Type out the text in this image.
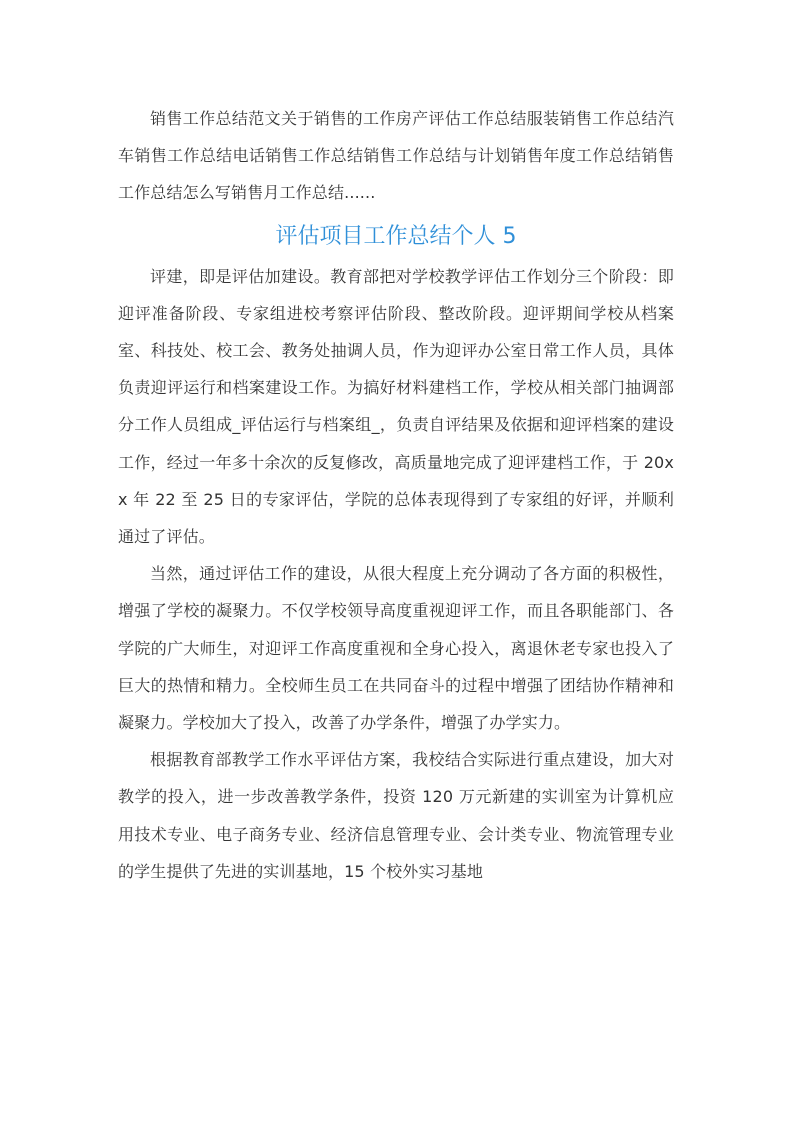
销售工作总结范文关于销售的工作房产评估工作总结服装销售工作总结汽车销售工作总结电话销售工作总结销售工作总结与计划销售年度工作总结销售工作总结怎么写销售月工作总结......

评估项目工作总结个人 5

评建，即是评估加建设。教育部把对学校教学评估工作划分三个阶段：即迎评准备阶段、专家组进校考察评估阶段、整改阶段。迎评期间学校从档案室、科技处、校工会、教务处抽调人员，作为迎评办公室日常工作人员，具体负责迎评运行和档案建设工作。为搞好材料建档工作，学校从相关部门抽调部分工作人员组成_评估运行与档案组_，负责自评结果及依据和迎评档案的建设工作，经过一年多十余次的反复修改，高质量地完成了迎评建档工作，于 20xx 年 22 至 25 日的专家评估，学院的总体表现得到了专家组的好评，并顺利通过了评估。

当然，通过评估工作的建设，从很大程度上充分调动了各方面的积极性，增强了学校的凝聚力。不仅学校领导高度重视迎评工作，而且各职能部门、各学院的广大师生，对迎评工作高度重视和全身心投入，离退休老专家也投入了巨大的热情和精力。全校师生员工在共同奋斗的过程中增强了团结协作精神和凝聚力。学校加大了投入，改善了办学条件，增强了办学实力。

根据教育部教学工作水平评估方案，我校结合实际进行重点建设，加大对教学的投入，进一步改善教学条件，投资 120 万元新建的实训室为计算机应用技术专业、电子商务专业、经济信息管理专业、会计类专业、物流管理专业的学生提供了先进的实训基地，15 个校外实习基地
